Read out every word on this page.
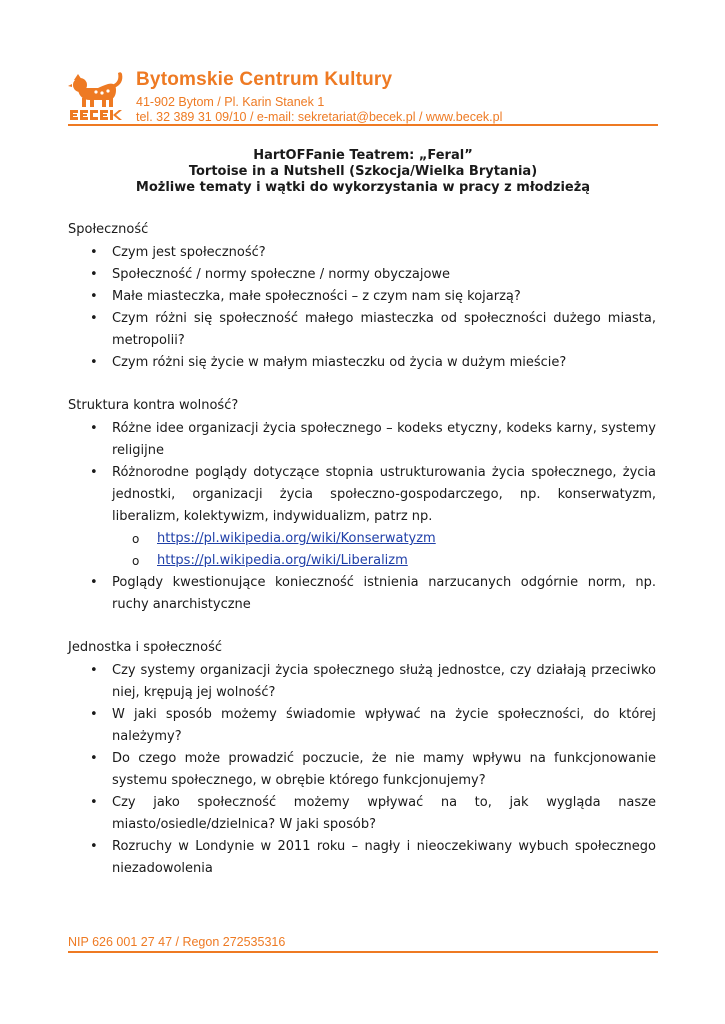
Bytomskie Centrum Kultury
41-902 Bytom / Pl. Karin Stanek 1
tel. 32 389 31 09/10 / e-mail: sekretariat@becek.pl / www.becek.pl
HartOFFanie Teatrem: „Feral”
Tortoise in a Nutshell (Szkocja/Wielka Brytania)
Możliwe tematy i wątki do wykorzystania w pracy z młodzieżą
Społeczność
• Czym jest społeczność?
• Społeczność / normy społeczne / normy obyczajowe
• Małe miasteczka, małe społeczności – z czym nam się kojarzą?
• Czym różni się społeczność małego miasteczka od społeczności dużego miasta, metropolii?
• Czym różni się życie w małym miasteczku od życia w dużym mieście?
Struktura kontra wolność?
• Różne idee organizacji życia społecznego – kodeks etyczny, kodeks karny, systemy religijne
• Różnorodne poglądy dotyczące stopnia ustrukturowania życia społecznego, życia jednostki, organizacji życia społeczno-gospodarczego, np. konserwatyzm, liberalizm, kolektywizm, indywidualizm, patrz np.
o https://pl.wikipedia.org/wiki/Konserwatyzm
o https://pl.wikipedia.org/wiki/Liberalizm
• Poglądy kwestionujące konieczność istnienia narzucanych odgórnie norm, np. ruchy anarchistyczne
Jednostka i społeczność
• Czy systemy organizacji życia społecznego służą jednostce, czy działają przeciwko niej, krępują jej wolność?
• W jaki sposób możemy świadomie wpływać na życie społeczności, do której należymy?
• Do czego może prowadzić poczucie, że nie mamy wpływu na funkcjonowanie systemu społecznego, w obrębie którego funkcjonujemy?
• Czy jako społeczność możemy wpływać na to, jak wygląda nasze miasto/osiedle/dzielnica? W jaki sposób?
• Rozruchy w Londynie w 2011 roku – nagły i nieoczekiwany wybuch społecznego niezadowolenia
NIP 626 001 27 47 / Regon 272535316
